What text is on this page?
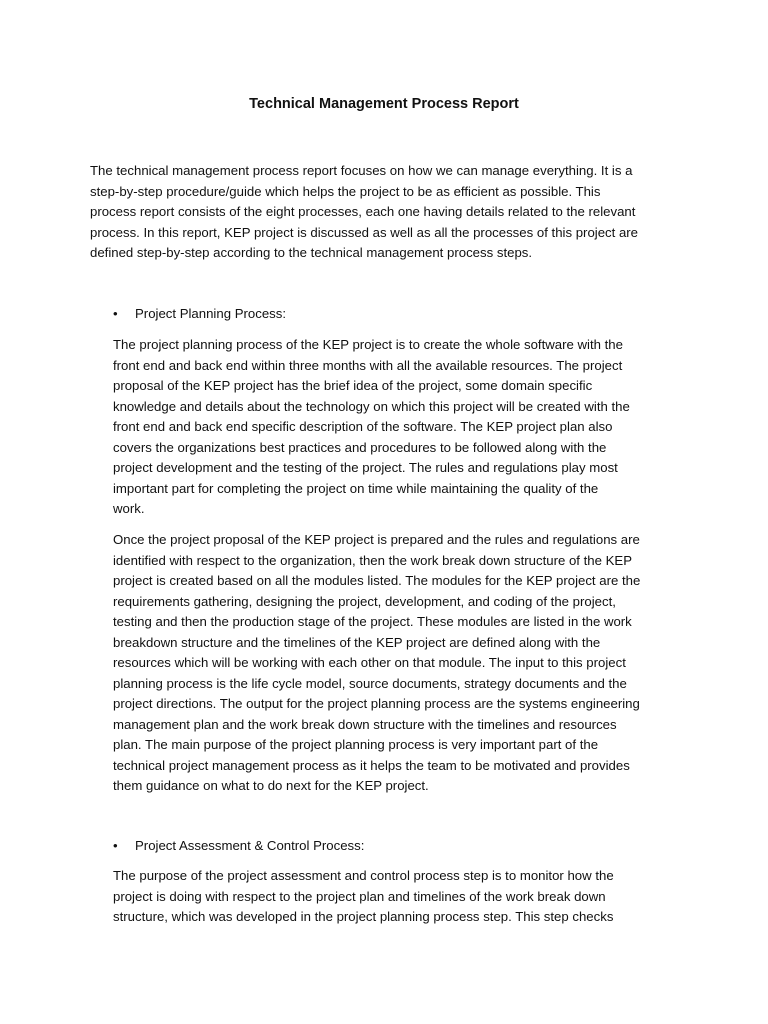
Technical Management Process Report
The technical management process report focuses on how we can manage everything. It is a
step-by-step procedure/guide which helps the project to be as efficient as possible. This
process report consists of the eight processes, each one having details related to the relevant
process. In this report, KEP project is discussed as well as all the processes of this project are
defined step-by-step according to the technical management process steps.
• Project Planning Process:
The project planning process of the KEP project is to create the whole software with the
front end and back end within three months with all the available resources. The project
proposal of the KEP project has the brief idea of the project, some domain specific
knowledge and details about the technology on which this project will be created with the
front end and back end specific description of the software. The KEP project plan also
covers the organizations best practices and procedures to be followed along with the
project development and the testing of the project. The rules and regulations play most
important part for completing the project on time while maintaining the quality of the
work.
Once the project proposal of the KEP project is prepared and the rules and regulations are
identified with respect to the organization, then the work break down structure of the KEP
project is created based on all the modules listed. The modules for the KEP project are the
requirements gathering, designing the project, development, and coding of the project,
testing and then the production stage of the project. These modules are listed in the work
breakdown structure and the timelines of the KEP project are defined along with the
resources which will be working with each other on that module. The input to this project
planning process is the life cycle model, source documents, strategy documents and the
project directions. The output for the project planning process are the systems engineering
management plan and the work break down structure with the timelines and resources
plan. The main purpose of the project planning process is very important part of the
technical project management process as it helps the team to be motivated and provides
them guidance on what to do next for the KEP project.
• Project Assessment & Control Process:
The purpose of the project assessment and control process step is to monitor how the
project is doing with respect to the project plan and timelines of the work break down
structure, which was developed in the project planning process step. This step checks
